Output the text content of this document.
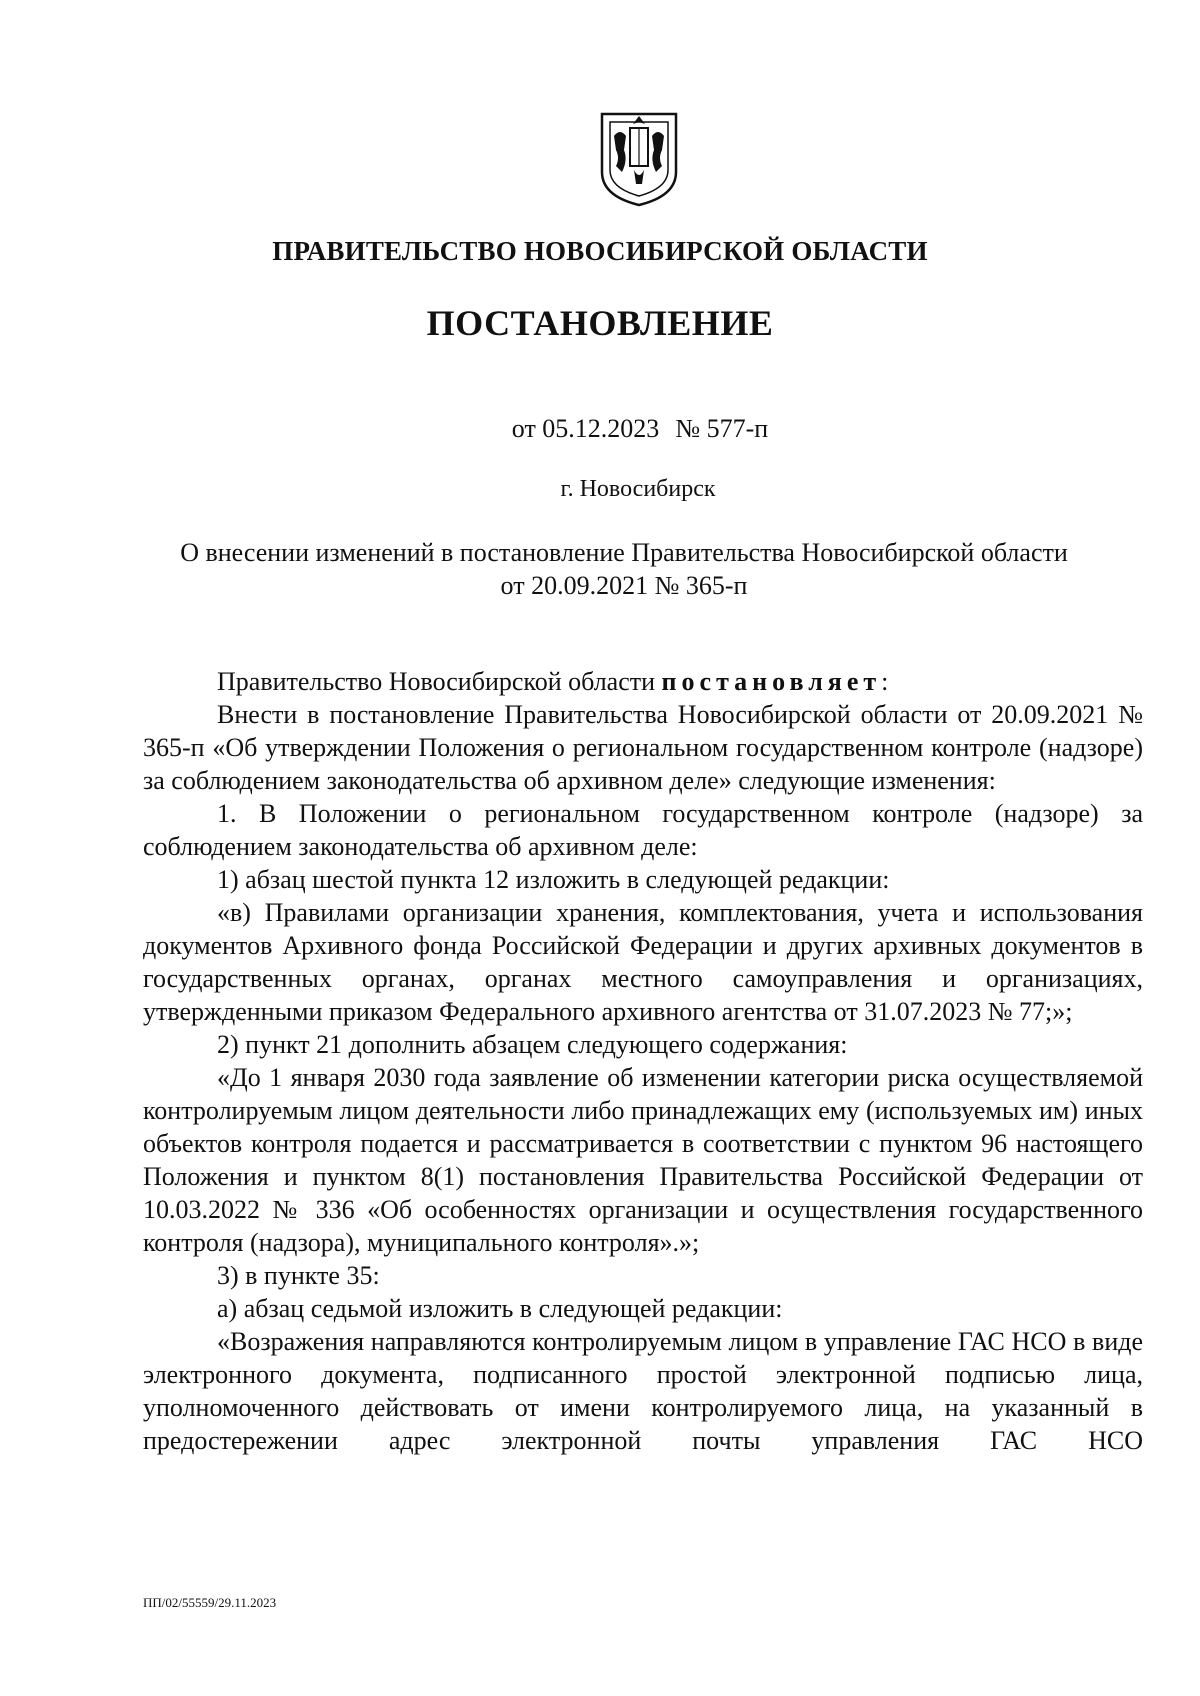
ПРАВИТЕЛЬСТВО НОВОСИБИРСКОЙ ОБЛАСТИ
ПОСТАНОВЛЕНИЕ
от 05.12.2023 № 577-п
г. Новосибирск
О внесении изменений в постановление Правительства Новосибирской области
от 20.09.2021 № 365-п

Правительство Новосибирской области постановляет:

Внести в постановление Правительства Новосибирской области от 20.09.2021 № 365-п «Об утверждении Положения о региональном государственном контроле (надзоре) за соблюдением законодательства об архивном деле» следующие изменения:

1. В Положении о региональном государственном контроле (надзоре) за соблюдением законодательства об архивном деле:

1) абзац шестой пункта 12 изложить в следующей редакции:

«в) Правилами организации хранения, комплектования, учета и использования документов Архивного фонда Российской Федерации и других архивных документов в государственных органах, органах местного самоуправления и организациях, утвержденными приказом Федерального архивного агентства от 31.07.2023 № 77;»;

2) пункт 21 дополнить абзацем следующего содержания:

«До 1 января 2030 года заявление об изменении категории риска осуществляемой контролируемым лицом деятельности либо принадлежащих ему (используемых им) иных объектов контроля подается и рассматривается в соответствии с пунктом 96 настоящего Положения и пунктом 8(1) постановления Правительства Российской Федерации от 10.03.2022 № 336 «Об особенностях организации и осуществления государственного контроля (надзора), муниципального контроля».»;

3) в пункте 35:

а) абзац седьмой изложить в следующей редакции:

«Возражения направляются контролируемым лицом в управление ГАС НСО в виде электронного документа, подписанного простой электронной подписью лица, уполномоченного действовать от имени контролируемого лица, на указанный в предостережении адрес электронной почты управления ГАС НСО

ПП/02/55559/29.11.2023
